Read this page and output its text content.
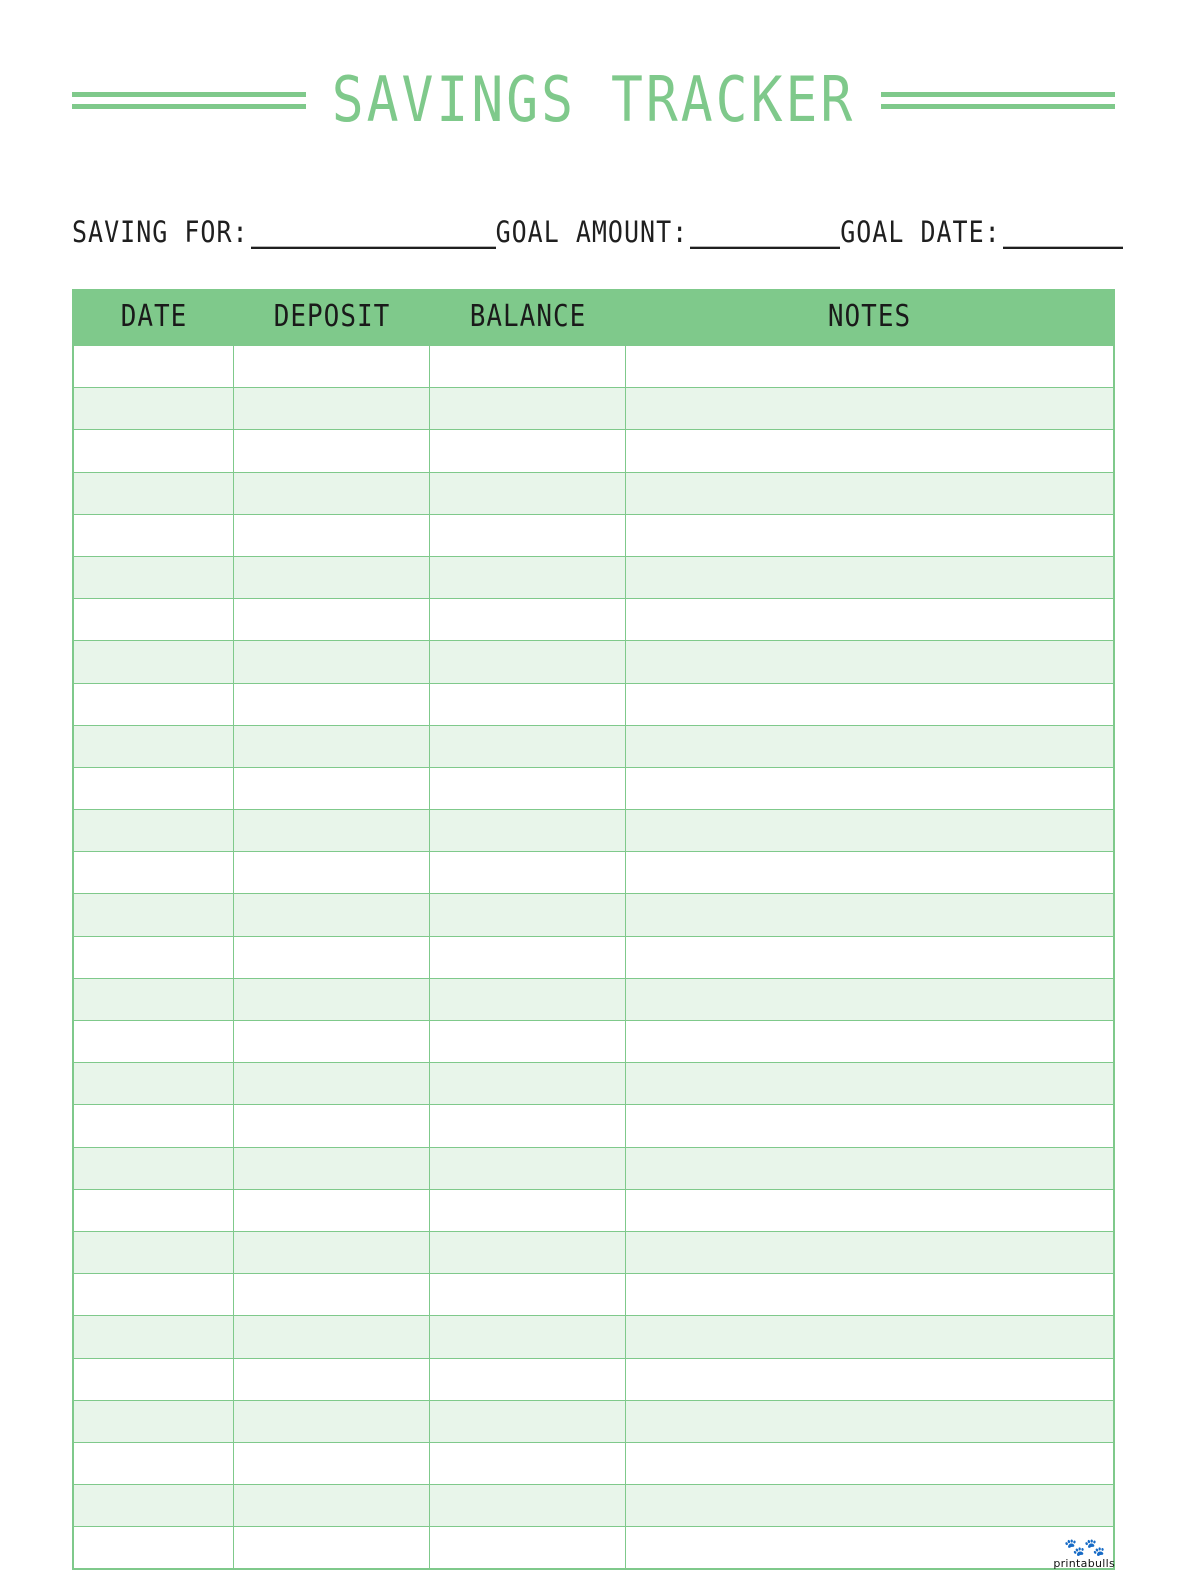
SAVINGS TRACKER
SAVING FOR:	GOAL AMOUNT:	GOAL DATE:
DATE	DEPOSIT	BALANCE	NOTES
🐾🐾
printabulls
